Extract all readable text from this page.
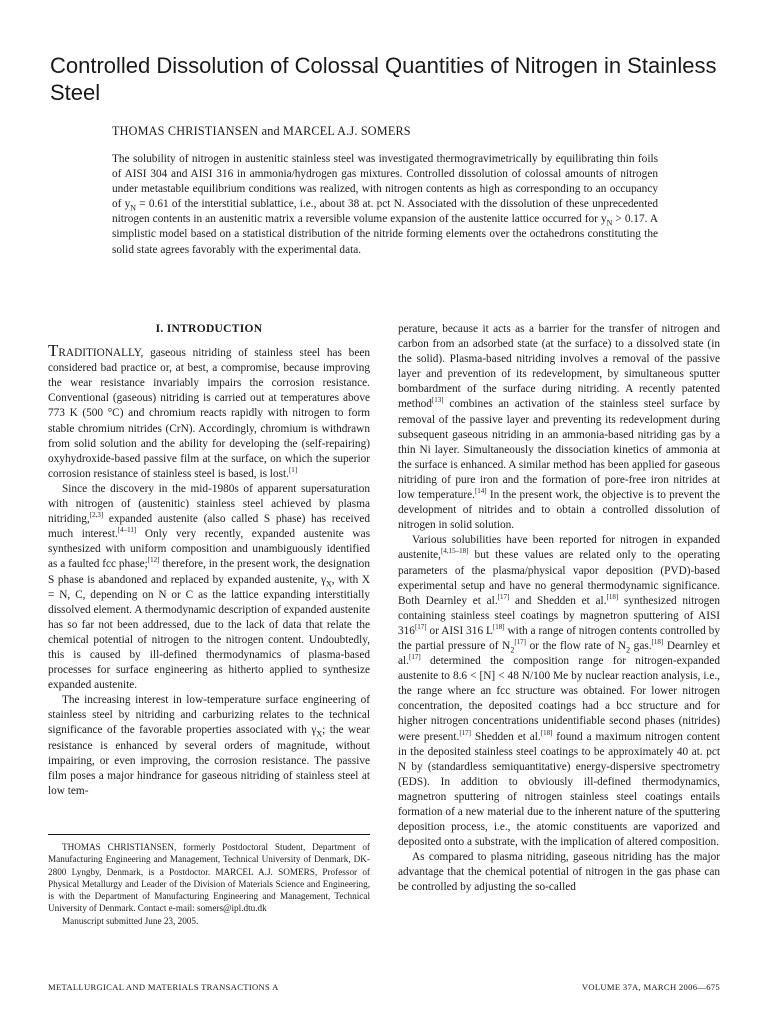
Controlled Dissolution of Colossal Quantities of Nitrogen in Stainless Steel
THOMAS CHRISTIANSEN and MARCEL A.J. SOMERS

The solubility of nitrogen in austenitic stainless steel was investigated thermogravimetrically by equilibrating thin foils of AISI 304 and AISI 316 in ammonia/hydrogen gas mixtures. Controlled dissolution of colossal amounts of nitrogen under metastable equilibrium conditions was realized, with nitrogen contents as high as corresponding to an occupancy of $y_N = 0.61$ of the interstitial sublattice, i.e., about 38 at. pct N. Associated with the dissolution of these unprecedented nitrogen contents in an austenitic matrix a reversible volume expansion of the austenite lattice occurred for $y_N > 0.17$. A simplistic model based on a statistical distribution of the nitride forming elements over the octahedrons constituting the solid state agrees favorably with the experimental data.

I. INTRODUCTION

TRADITIONALLY, gaseous nitriding of stainless steel has been considered bad practice or, at best, a compromise, because improving the wear resistance invariably impairs the corrosion resistance. Conventional (gaseous) nitriding is carried out at temperatures above 773 K (500 °C) and chromium reacts rapidly with nitrogen to form stable chromium nitrides (CrN). Accordingly, chromium is withdrawn from solid solution and the ability for developing the (self-repairing) oxyhydroxide-based passive film at the surface, on which the superior corrosion resistance of stainless steel is based, is lost.[1]

Since the discovery in the mid-1980s of apparent supersaturation with nitrogen of (austenitic) stainless steel achieved by plasma nitriding,[2,3] expanded austenite (also called S phase) has received much interest.[4–11] Only very recently, expanded austenite was synthesized with uniform composition and unambiguously identified as a faulted fcc phase;[12] therefore, in the present work, the designation S phase is abandoned and replaced by expanded austenite, $\gamma_X$, with X = N, C, depending on N or C as the lattice expanding interstitially dissolved element. A thermodynamic description of expanded austenite has so far not been addressed, due to the lack of data that relate the chemical potential of nitrogen to the nitrogen content. Undoubtedly, this is caused by ill-defined thermodynamics of plasma-based processes for surface engineering as hitherto applied to synthesize expanded austenite.

The increasing interest in low-temperature surface engineering of stainless steel by nitriding and carburizing relates to the technical significance of the favorable properties associated with $\gamma_X$; the wear resistance is enhanced by several orders of magnitude, without impairing, or even improving, the corrosion resistance. The passive film poses a major hindrance for gaseous nitriding of stainless steel at low tem-

perature, because it acts as a barrier for the transfer of nitrogen and carbon from an adsorbed state (at the surface) to a dissolved state (in the solid). Plasma-based nitriding involves a removal of the passive layer and prevention of its redevelopment, by simultaneous sputter bombardment of the surface during nitriding. A recently patented method[13] combines an activation of the stainless steel surface by removal of the passive layer and preventing its redevelopment during subsequent gaseous nitriding in an ammonia-based nitriding gas by a thin Ni layer. Simultaneously the dissociation kinetics of ammonia at the surface is enhanced. A similar method has been applied for gaseous nitriding of pure iron and the formation of pore-free iron nitrides at low temperature.[14] In the present work, the objective is to prevent the development of nitrides and to obtain a controlled dissolution of nitrogen in solid solution.

Various solubilities have been reported for nitrogen in expanded austenite,[4,15–18] but these values are related only to the operating parameters of the plasma/physical vapor deposition (PVD)-based experimental setup and have no general thermodynamic significance. Both Dearnley et al.[17] and Shedden et al.[18] synthesized nitrogen containing stainless steel coatings by magnetron sputtering of AISI 316[17] or AISI 316 L[18] with a range of nitrogen contents controlled by the partial pressure of $N_2[17]$ or the flow rate of $N_2$ gas.[18] Dearnley et al.[17] determined the composition range for nitrogen-expanded austenite to 8.6 < [N] < 48 N/100 Me by nuclear reaction analysis, i.e., the range where an fcc structure was obtained. For lower nitrogen concentration, the deposited coatings had a bcc structure and for higher nitrogen concentrations unidentifiable second phases (nitrides) were present.[17] Shedden et al.[18] found a maximum nitrogen content in the deposited stainless steel coatings to be approximately 40 at. pct N by (standardless semiquantitative) energy-dispersive spectrometry (EDS). In addition to obviously ill-defined thermodynamics, magnetron sputtering of nitrogen stainless steel coatings entails formation of a new material due to the inherent nature of the sputtering deposition process, i.e., the atomic constituents are vaporized and deposited onto a substrate, with the implication of altered composition.

As compared to plasma nitriding, gaseous nitriding has the major advantage that the chemical potential of nitrogen in the gas phase can be controlled by adjusting the so-called

THOMAS CHRISTIANSEN, formerly Postdoctoral Student, Department of Manufacturing Engineering and Management, Technical University of Denmark, DK-2800 Lyngby, Denmark, is a Postdoctor. MARCEL A.J. SOMERS, Professor of Physical Metallurgy and Leader of the Division of Materials Science and Engineering, is with the Department of Manufacturing Engineering and Management, Technical University of Denmark. Contact e-mail: somers@ipl.dtu.dk

Manuscript submitted June 23, 2005.

METALLURGICAL AND MATERIALS TRANSACTIONS A	VOLUME 37A, MARCH 2006—675
